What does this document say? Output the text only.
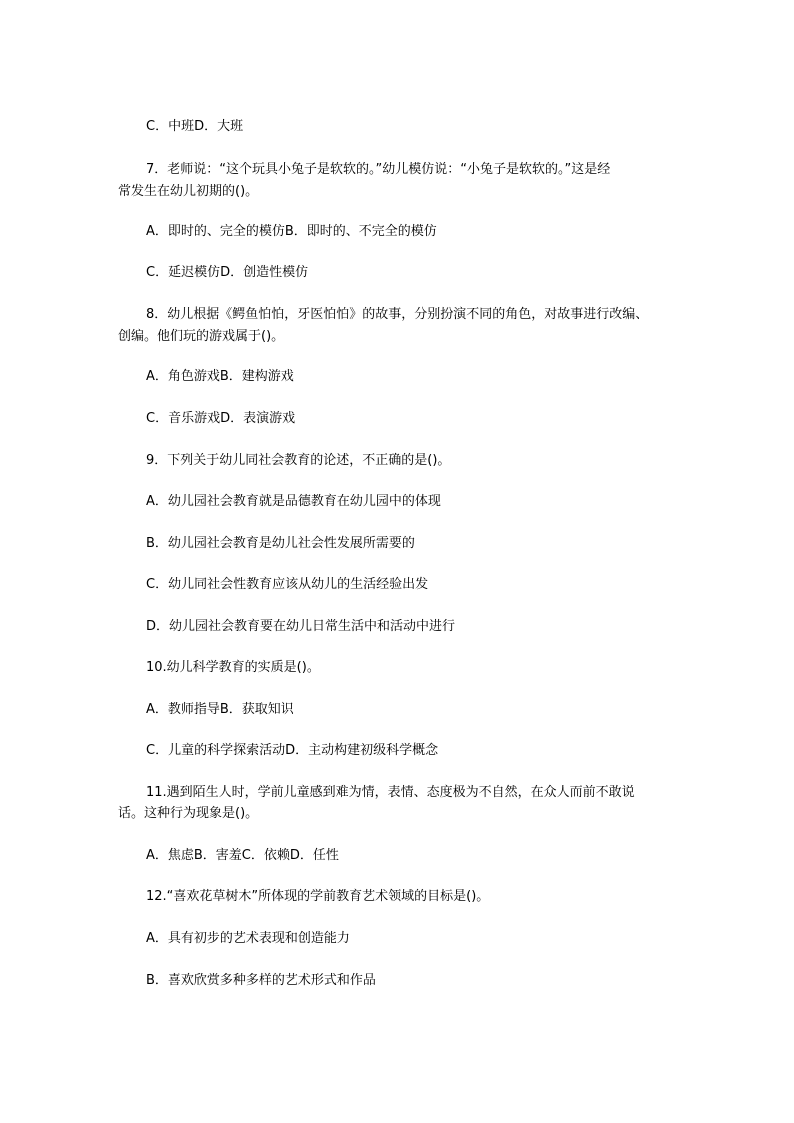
C．中班D．大班
7．老师说：“这个玩具小兔子是软软的。”幼儿模仿说：“小兔子是软软的。”这是经
常发生在幼儿初期的()。
A．即时的、完全的模仿B．即时的、不完全的模仿
C．延迟模仿D．创造性模仿
8．幼儿根据《鳄鱼怕怕，牙医怕怕》的故事，分别扮演不同的角色，对故事进行改编、
创编。他们玩的游戏属于()。
A．角色游戏B．建构游戏
C．音乐游戏D．表演游戏
9．下列关于幼儿同社会教育的论述，不正确的是()。
A．幼儿园社会教育就是品德教育在幼儿园中的体现
B．幼儿园社会教育是幼儿社会性发展所需要的
C．幼儿同社会性教育应该从幼儿的生活经验出发
D．幼儿园社会教育要在幼儿日常生活中和活动中进行
10.幼儿科学教育的实质是()。
A．教师指导B．获取知识
C．儿童的科学探索活动D．主动构建初级科学概念
11.遇到陌生人时，学前儿童感到难为情，表情、态度极为不自然，在众人而前不敢说
话。这种行为现象是()。
A．焦虑B．害羞C．依赖D．任性
12.“喜欢花草树木”所体现的学前教育艺术领域的目标是()。
A．具有初步的艺术表现和创造能力
B．喜欢欣赏多种多样的艺术形式和作品
